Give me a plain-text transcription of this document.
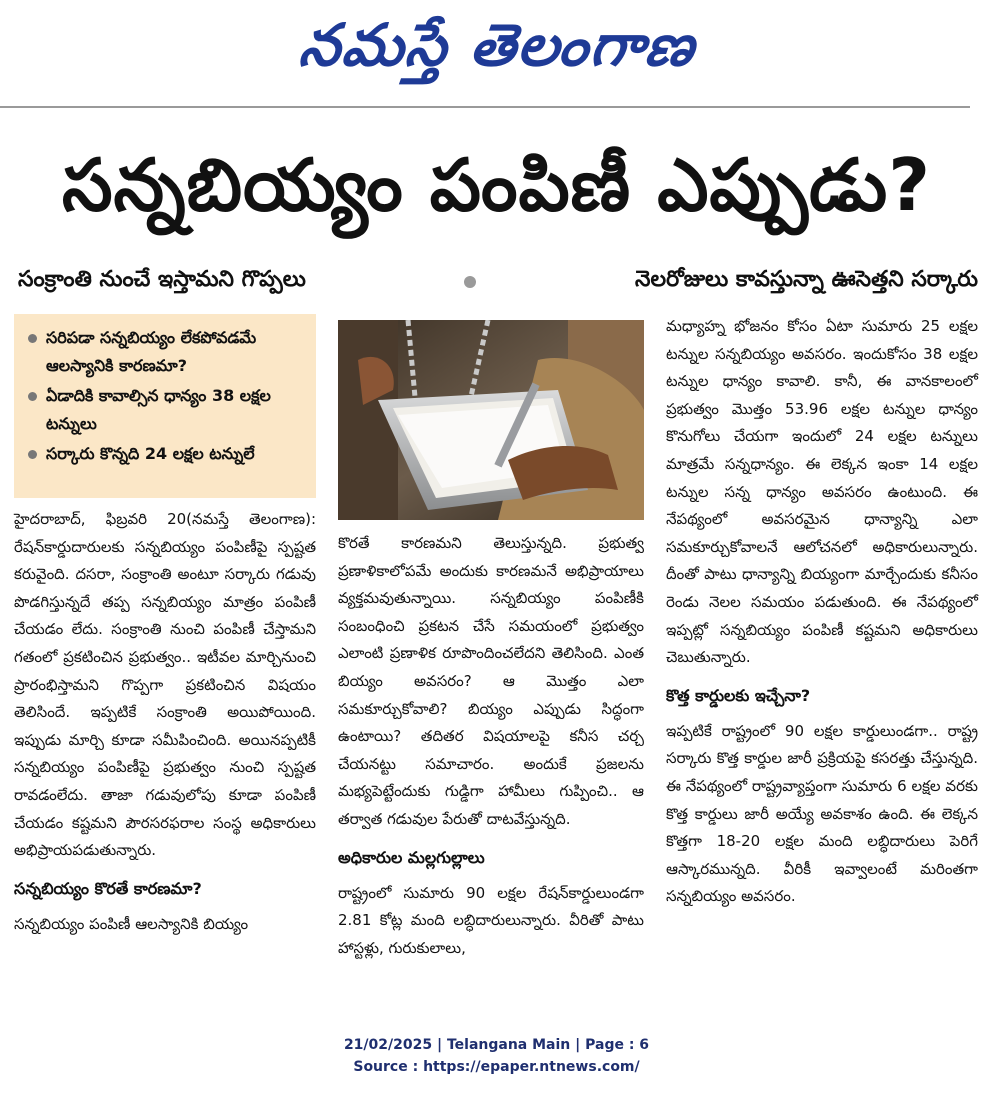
నమస్తే తెలంగాణ
సన్నబియ్యం పంపిణీ ఎప్పుడు?
సంక్రాంతి నుంచే ఇస్తామని గొప్పలు	నెలరోజులు కావస్తున్నా ఊసెత్తని సర్కారు
సరిపడా సన్నబియ్యం లేకపోవడమే ఆలస్యానికి కారణమా?
ఏడాదికి కావాల్సిన ధాన్యం 38 లక్షల టన్నులు
సర్కారు కొన్నది 24 లక్షల టన్నులే

హైదరాబాద్, ఫిబ్రవరి 20(నమస్తే తెలంగాణ): రేషన్‌కార్డుదారులకు సన్నబియ్యం పంపిణీపై స్పష్టత కరువైంది. దసరా, సంక్రాంతి అంటూ సర్కారు గడువు పొడగిస్తున్నదే తప్ప సన్నబియ్యం మాత్రం పంపిణీ చేయడం లేదు. సంక్రాంతి నుంచి పంపిణీ చేస్తామని గతంలో ప్రకటించిన ప్రభుత్వం.. ఇటీవల మార్చినుంచి ప్రారంభిస్తామని గొప్పగా ప్రకటించిన విషయం తెలిసిందే. ఇప్పటికే సంక్రాంతి అయిపోయింది. ఇప్పుడు మార్చి కూడా సమీపించింది. అయినప్పటికీ సన్నబియ్యం పంపిణీపై ప్రభుత్వం నుంచి స్పష్టత రావడంలేదు. తాజా గడువులోపు కూడా పంపిణీ చేయడం కష్టమని పౌరసరఫరాల సంస్థ అధికారులు అభిప్రాయపడుతున్నారు.

సన్నబియ్యం కొరతే కారణమా?

సన్నబియ్యం పంపిణీ ఆలస్యానికి బియ్యం

కొరతే కారణమని తెలుస్తున్నది. ప్రభుత్వ ప్రణాళికాలోపమే అందుకు కారణమనే అభిప్రాయాలు వ్యక్తమవుతున్నాయి. సన్నబియ్యం పంపిణీకి సంబంధించి ప్రకటన చేసే సమయంలో ప్రభుత్వం ఎలాంటి ప్రణాళిక రూపొందించలేదని తెలిసింది. ఎంత బియ్యం అవసరం? ఆ మొత్తం ఎలా సమకూర్చుకోవాలి? బియ్యం ఎప్పుడు సిద్ధంగా ఉంటాయి? తదితర విషయాలపై కనీస చర్చ చేయనట్టు సమాచారం. అందుకే ప్రజలను మభ్యపెట్టేందుకు గుడ్డిగా హామీలు గుప్పించి.. ఆ తర్వాత గడువుల పేరుతో దాటవేస్తున్నది.

అధికారుల మల్లగుల్లాలు

రాష్ట్రంలో సుమారు 90 లక్షల రేషన్‌కార్డులుండగా 2.81 కోట్ల మంది లబ్ధిదారులున్నారు. వీరితో పాటు హాస్టళ్లు, గురుకులాలు,

మధ్యాహ్న భోజనం కోసం ఏటా సుమారు 25 లక్షల టన్నుల సన్నబియ్యం అవసరం. ఇందుకోసం 38 లక్షల టన్నుల ధాన్యం కావాలి. కానీ, ఈ వానకాలంలో ప్రభుత్వం మొత్తం 53.96 లక్షల టన్నుల ధాన్యం కొనుగోలు చేయగా ఇందులో 24 లక్షల టన్నులు మాత్రమే సన్నధాన్యం. ఈ లెక్కన ఇంకా 14 లక్షల టన్నుల సన్న ధాన్యం అవసరం ఉంటుంది. ఈ నేపథ్యంలో అవసరమైన ధాన్యాన్ని ఎలా సమకూర్చుకోవాలనే ఆలోచనలో అధికారులున్నారు. దీంతో పాటు ధాన్యాన్ని బియ్యంగా మార్చేందుకు కనీసం రెండు నెలల సమయం పడుతుంది. ఈ నేపథ్యంలో ఇప్పట్లో సన్నబియ్యం పంపిణీ కష్టమని అధికారులు చెబుతున్నారు.

కొత్త కార్డులకు ఇచ్చేనా?

ఇప్పటికే రాష్ట్రంలో 90 లక్షల కార్డులుండగా.. రాష్ట్ర సర్కారు కొత్త కార్డుల జారీ ప్రక్రియపై కసరత్తు చేస్తున్నది. ఈ నేపథ్యంలో రాష్ట్రవ్యాప్తంగా సుమారు 6 లక్షల వరకు కొత్త కార్డులు జారీ అయ్యే అవకాశం ఉంది. ఈ లెక్కన కొత్తగా 18-20 లక్షల మంది లబ్ధిదారులు పెరిగే ఆస్కారమున్నది. వీరికీ ఇవ్వాలంటే మరింతగా సన్నబియ్యం అవసరం.

21/02/2025 | Telangana Main | Page : 6
Source : https://epaper.ntnews.com/
